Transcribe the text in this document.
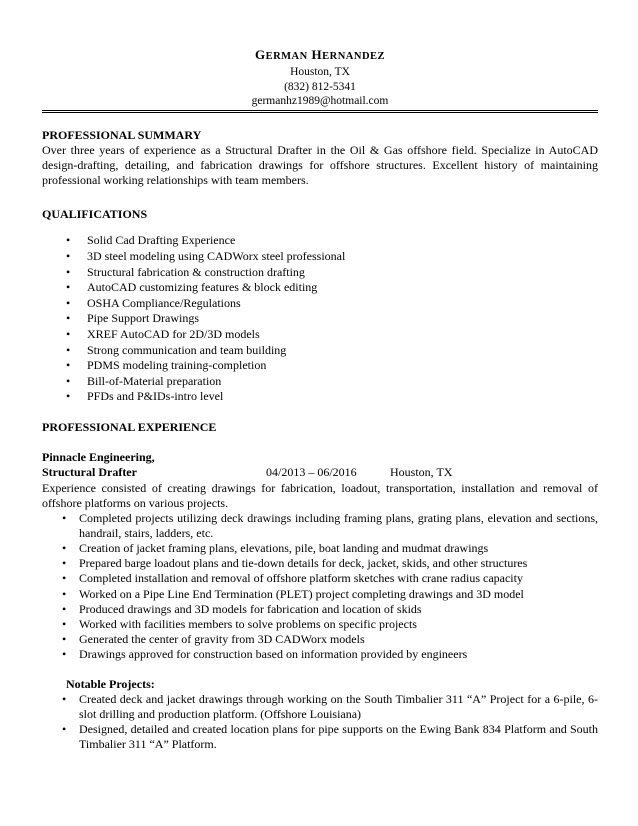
GERMAN HERNANDEZ
Houston, TX
(832) 812-5341
germanhz1989@hotmail.com
PROFESSIONAL SUMMARY

Over three years of experience as a Structural Drafter in the Oil & Gas offshore field. Specialize in AutoCAD design-drafting, detailing, and fabrication drawings for offshore structures. Excellent history of maintaining professional working relationships with team members.

QUALIFICATIONS
• Solid Cad Drafting Experience
• 3D steel modeling using CADWorx steel professional
• Structural fabrication & construction drafting
• AutoCAD customizing features & block editing
• OSHA Compliance/Regulations
• Pipe Support Drawings
• XREF AutoCAD for 2D/3D models
• Strong communication and team building
• PDMS modeling training-completion
• Bill-of-Material preparation
• PFDs and P&IDs-intro level
PROFESSIONAL EXPERIENCE
Pinnacle Engineering,
Structural Drafter	04/2013 – 06/2016	Houston, TX

Experience consisted of creating drawings for fabrication, loadout, transportation, installation and removal of offshore platforms on various projects.

• Completed projects utilizing deck drawings including framing plans, grating plans, elevation and sections, handrail, stairs, ladders, etc.
• Creation of jacket framing plans, elevations, pile, boat landing and mudmat drawings
• Prepared barge loadout plans and tie-down details for deck, jacket, skids, and other structures
• Completed installation and removal of offshore platform sketches with crane radius capacity
• Worked on a Pipe Line End Termination (PLET) project completing drawings and 3D model
• Produced drawings and 3D models for fabrication and location of skids
• Worked with facilities members to solve problems on specific projects
• Generated the center of gravity from 3D CADWorx models
• Drawings approved for construction based on information provided by engineers
Notable Projects:
• Created deck and jacket drawings through working on the South Timbalier 311 “A” Project for a 6-pile, 6-slot drilling and production platform. (Offshore Louisiana)
• Designed, detailed and created location plans for pipe supports on the Ewing Bank 834 Platform and South Timbalier 311 “A” Platform.
